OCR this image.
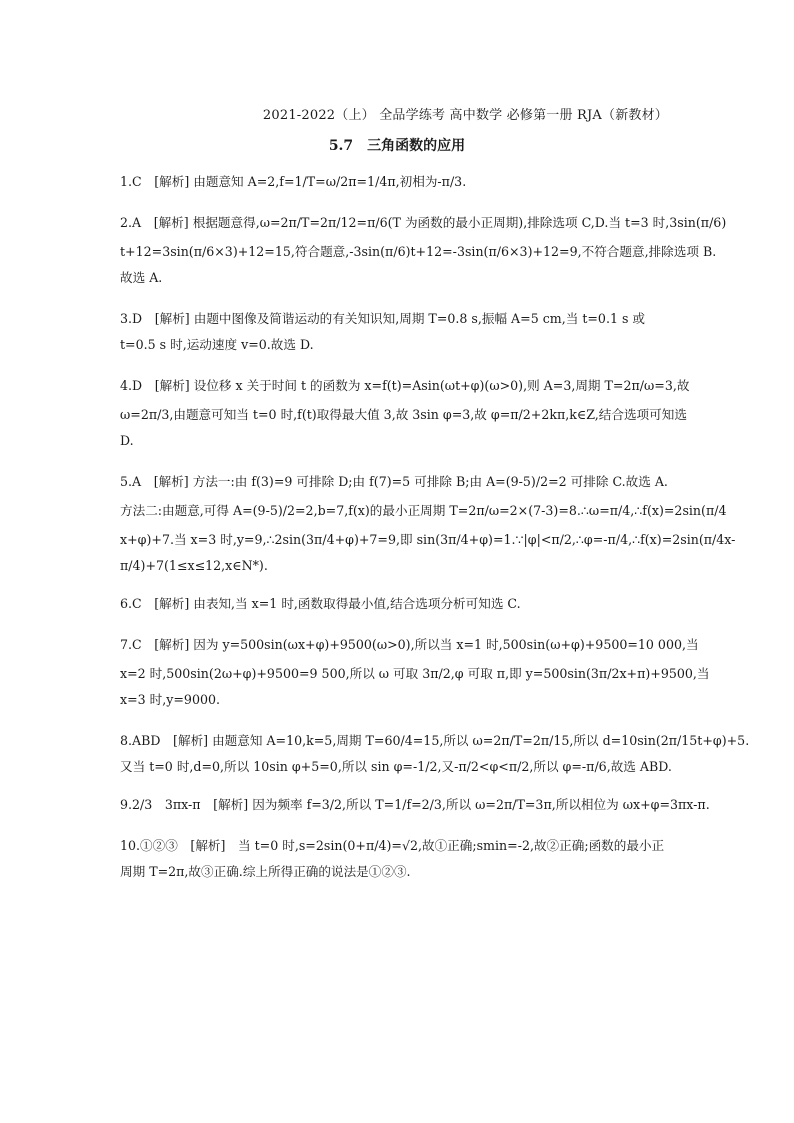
2021-2022（上） 全品学练考 高中数学 必修第一册 RJA（新教材）
5.7　三角函数的应用
1.C　[解析] 由题意知 A=2,f=1/T=ω/2π=1/4π,初相为-π/3.
2.A　[解析] 根据题意得,ω=2π/T=2π/12=π/6(T 为函数的最小正周期),排除选项 C,D.当 t=3 时,3sin(π/6)
t+12=3sin(π/6×3)+12=15,符合题意,-3sin(π/6)t+12=-3sin(π/6×3)+12=9,不符合题意,排除选项 B.
故选 A.
3.D　[解析] 由题中图像及简谐运动的有关知识知,周期 T=0.8 s,振幅 A=5 cm,当 t=0.1 s 或
t=0.5 s 时,运动速度 v=0.故选 D.
4.D　[解析] 设位移 x 关于时间 t 的函数为 x=f(t)=Asin(ωt+φ)(ω>0),则 A=3,周期 T=2π/ω=3,故
ω=2π/3,由题意可知当 t=0 时,f(t)取得最大值 3,故 3sin φ=3,故 φ=π/2+2kπ,k∈Z,结合选项可知选
D.
5.A　[解析] 方法一:由 f(3)=9 可排除 D;由 f(7)=5 可排除 B;由 A=(9-5)/2=2 可排除 C.故选 A.
方法二:由题意,可得 A=(9-5)/2=2,b=7,f(x)的最小正周期 T=2π/ω=2×(7-3)=8.∴ω=π/4,∴f(x)=2sin(π/4
x+φ)+7.当 x=3 时,y=9,∴2sin(3π/4+φ)+7=9,即 sin(3π/4+φ)=1.∵|φ|<π/2,∴φ=-π/4,∴f(x)=2sin(π/4x-
π/4)+7(1≤x≤12,x∈N*).
6.C　[解析] 由表知,当 x=1 时,函数取得最小值,结合选项分析可知选 C.
7.C　[解析] 因为 y=500sin(ωx+φ)+9500(ω>0),所以当 x=1 时,500sin(ω+φ)+9500=10 000,当
x=2 时,500sin(2ω+φ)+9500=9 500,所以 ω 可取 3π/2,φ 可取 π,即 y=500sin(3π/2x+π)+9500,当
x=3 时,y=9000.
8.ABD　[解析] 由题意知 A=10,k=5,周期 T=60/4=15,所以 ω=2π/T=2π/15,所以 d=10sin(2π/15t+φ)+5.
又当 t=0 时,d=0,所以 10sin φ+5=0,所以 sin φ=-1/2,又-π/2<φ<π/2,所以 φ=-π/6,故选 ABD.
9.2/3　3πx-π　[解析] 因为频率 f=3/2,所以 T=1/f=2/3,所以 ω=2π/T=3π,所以相位为 ωx+φ=3πx-π.
10.①②③　[解析]　当 t=0 时,s=2sin(0+π/4)=√2,故①正确;smin=-2,故②正确;函数的最小正
周期 T=2π,故③正确.综上所得正确的说法是①②③.
